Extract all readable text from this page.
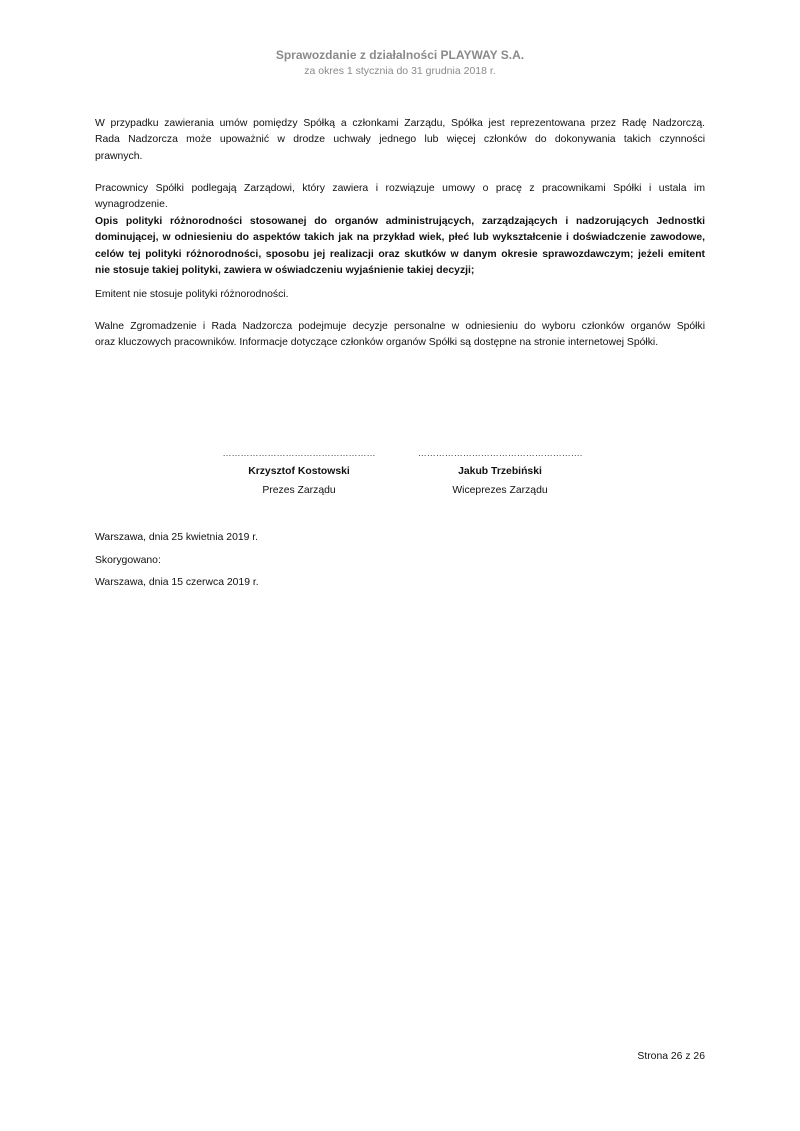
Sprawozdanie z działalności PLAYWAY S.A.
za okres 1 stycznia do 31 grudnia 2018 r.
W przypadku zawierania umów pomiędzy Spółką a członkami Zarządu, Spółka jest reprezentowana przez Radę Nadzorczą.
Rada Nadzorcza może upoważnić w drodze uchwały jednego lub więcej członków do dokonywania takich czynności
prawnych.
Pracownicy Spółki podlegają Zarządowi, który zawiera i rozwiązuje umowy o pracę z pracownikami Spółki i ustala im
wynagrodzenie.
Opis polityki różnorodności stosowanej do organów administrujących, zarządzających i nadzorujących Jednostki
dominującej, w odniesieniu do aspektów takich jak na przykład wiek, płeć lub wykształcenie i doświadczenie zawodowe,
celów tej polityki różnorodności, sposobu jej realizacji oraz skutków w danym okresie sprawozdawczym; jeżeli emitent
nie stosuje takiej polityki, zawiera w oświadczeniu wyjaśnienie takiej decyzji;
Emitent nie stosuje polityki różnorodności.
Walne Zgromadzenie i Rada Nadzorcza podejmuje decyzje personalne w odniesieniu do wyboru członków organów Spółki
oraz kluczowych pracowników. Informacje dotyczące członków organów Spółki są dostępne na stronie internetowej Spółki.
……………………………………………
Krzysztof Kostowski
Prezes Zarządu
……………………………………………….
Jakub Trzebiński
Wiceprezes Zarządu
Warszawa, dnia 25 kwietnia 2019 r.
Skorygowano:
Warszawa, dnia 15 czerwca 2019 r.
Strona 26 z 26
